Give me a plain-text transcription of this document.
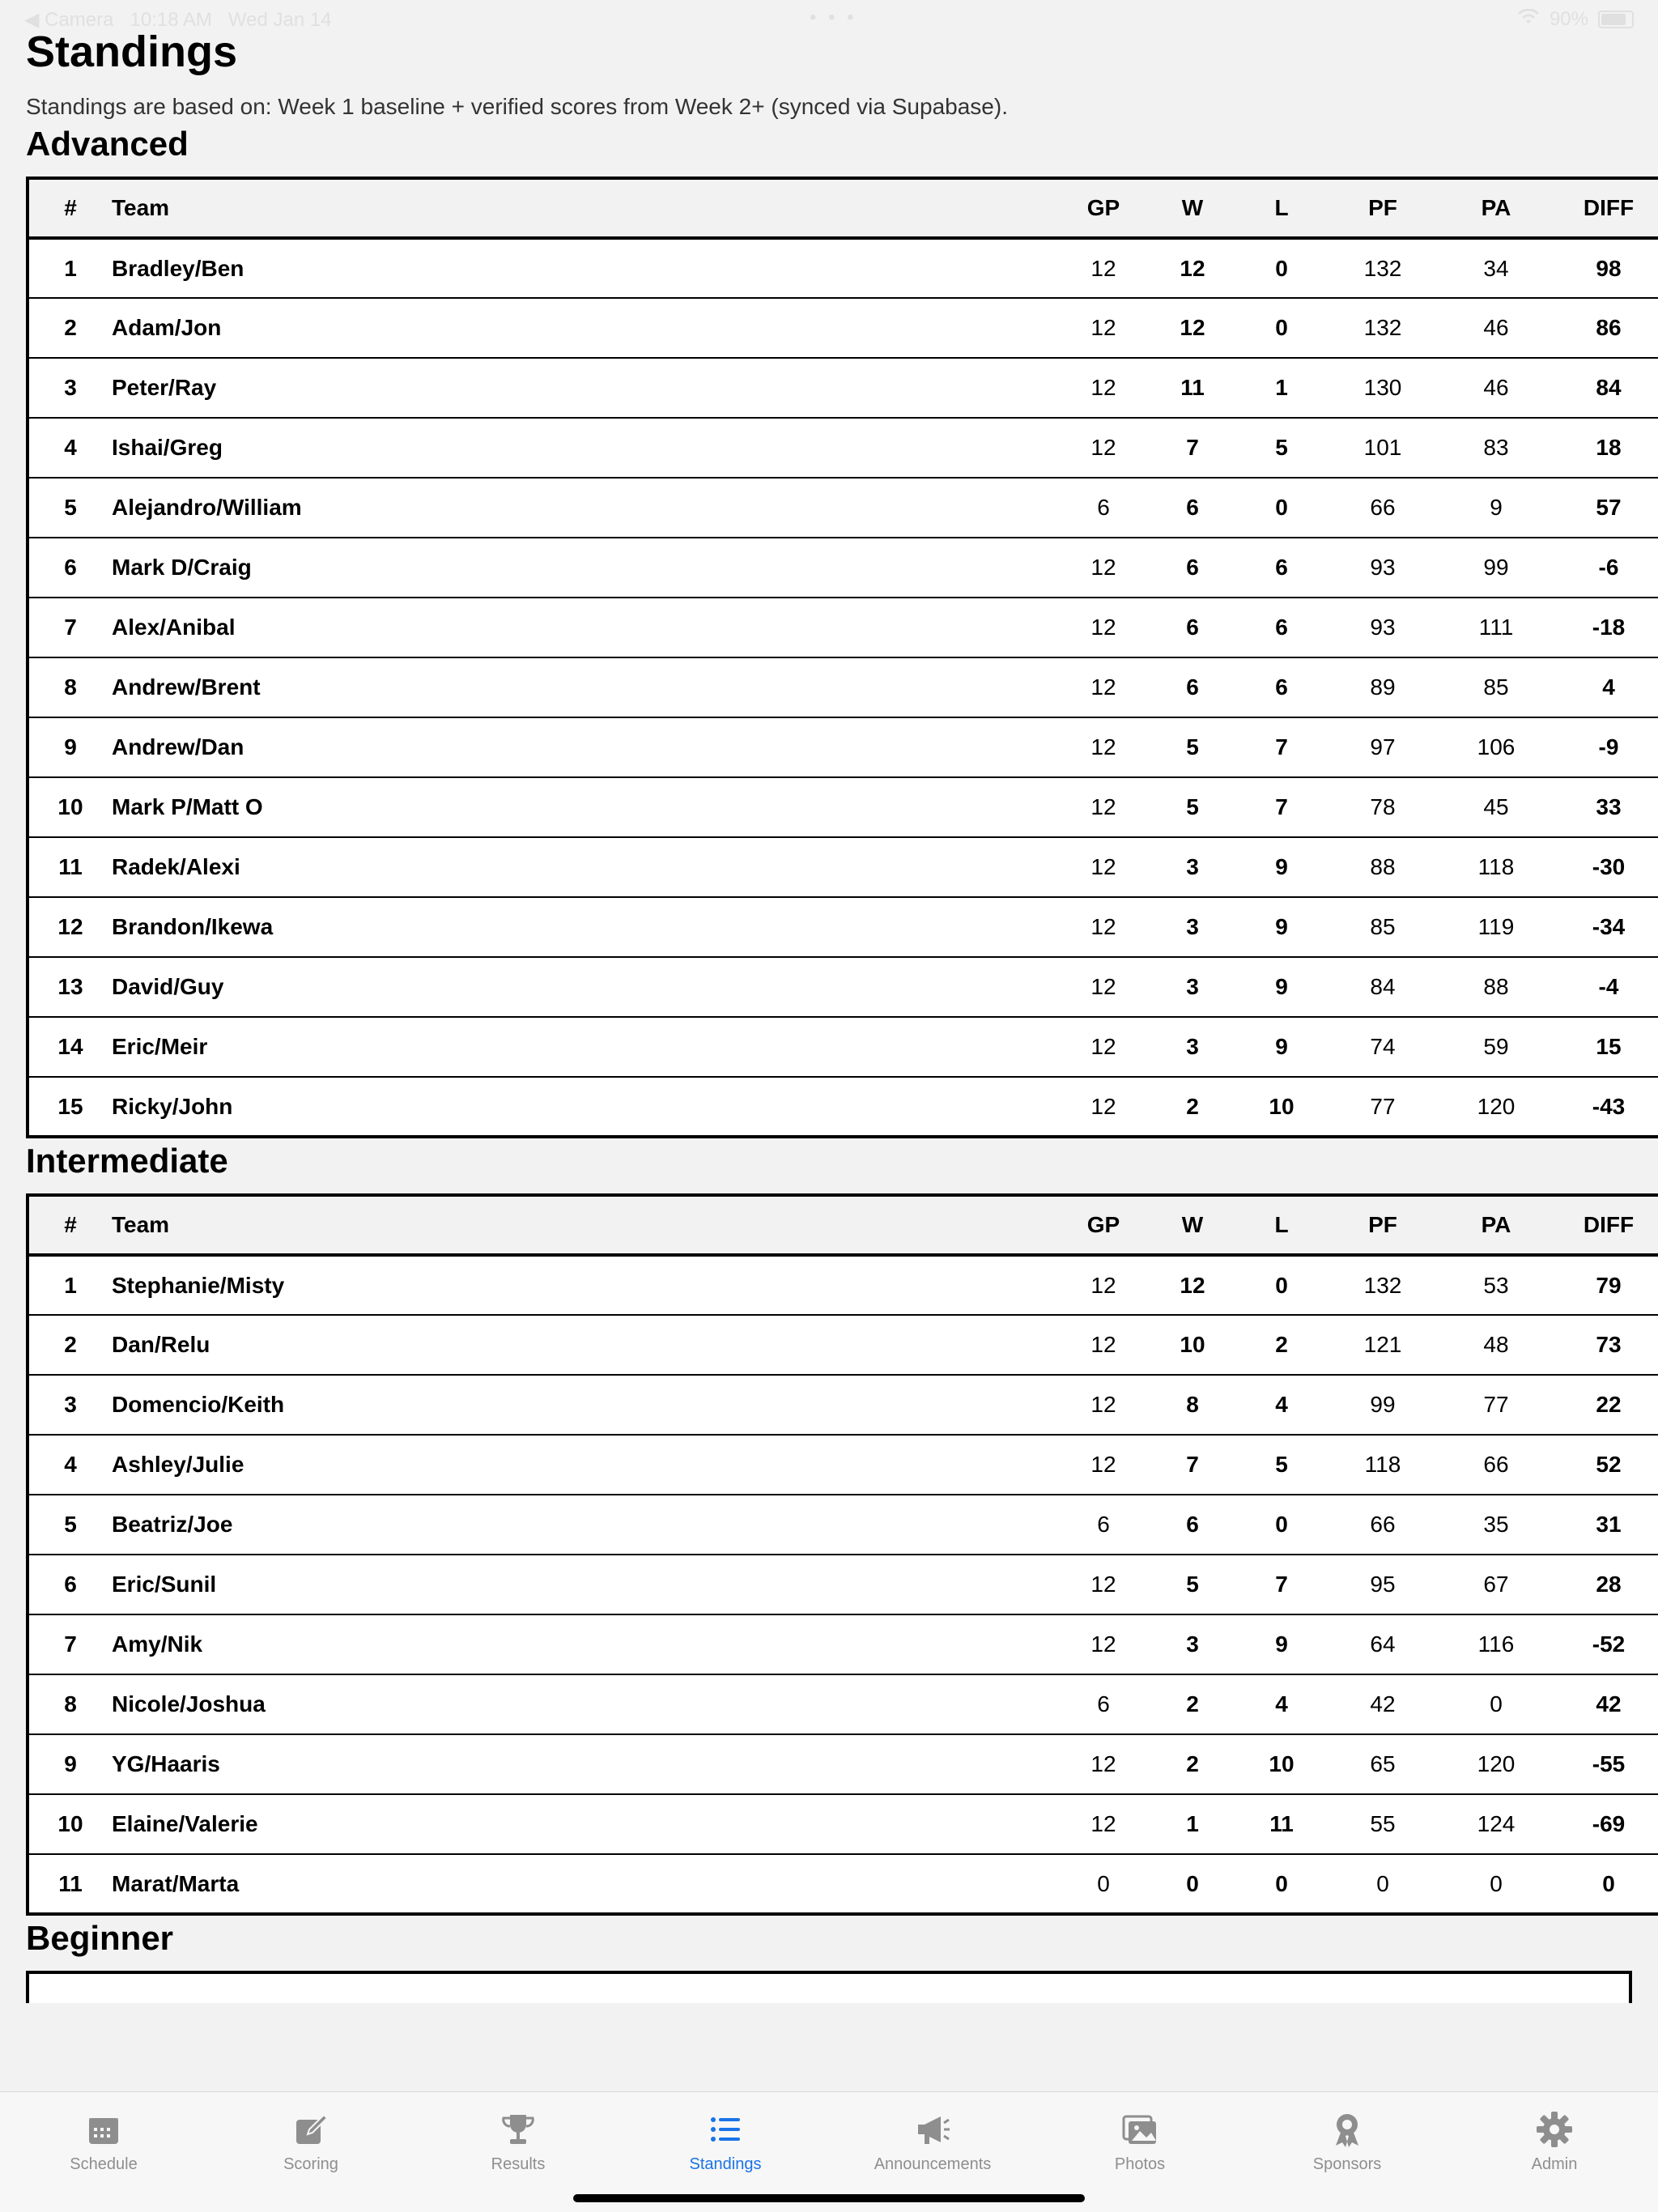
◀ Camera 10:18 AM Wed Jan 14	• • •	90%
Standings
Standings are based on: Week 1 baseline + verified scores from Week 2+ (synced via Supabase).
Advanced
#	Team	GP	W	L	PF	PA	DIFF
1	Bradley/Ben	12	12	0	132	34	98
2	Adam/Jon	12	12	0	132	46	86
3	Peter/Ray	12	11	1	130	46	84
4	Ishai/Greg	12	7	5	101	83	18
5	Alejandro/William	6	6	0	66	9	57
6	Mark D/Craig	12	6	6	93	99	-6
7	Alex/Anibal	12	6	6	93	111	-18
8	Andrew/Brent	12	6	6	89	85	4
9	Andrew/Dan	12	5	7	97	106	-9
10	Mark P/Matt O	12	5	7	78	45	33
11	Radek/Alexi	12	3	9	88	118	-30
12	Brandon/Ikewa	12	3	9	85	119	-34
13	David/Guy	12	3	9	84	88	-4
14	Eric/Meir	12	3	9	74	59	15
15	Ricky/John	12	2	10	77	120	-43
Intermediate
#	Team	GP	W	L	PF	PA	DIFF
1	Stephanie/Misty	12	12	0	132	53	79
2	Dan/Relu	12	10	2	121	48	73
3	Domencio/Keith	12	8	4	99	77	22
4	Ashley/Julie	12	7	5	118	66	52
5	Beatriz/Joe	6	6	0	66	35	31
6	Eric/Sunil	12	5	7	95	67	28
7	Amy/Nik	12	3	9	64	116	-52
8	Nicole/Joshua	6	2	4	42	0	42
9	YG/Haaris	12	2	10	65	120	-55
10	Elaine/Valerie	12	1	11	55	124	-69
11	Marat/Marta	0	0	0	0	0	0
Beginner
Schedule	Scoring	Results	Standings	Announcements	Photos	Sponsors	Admin
